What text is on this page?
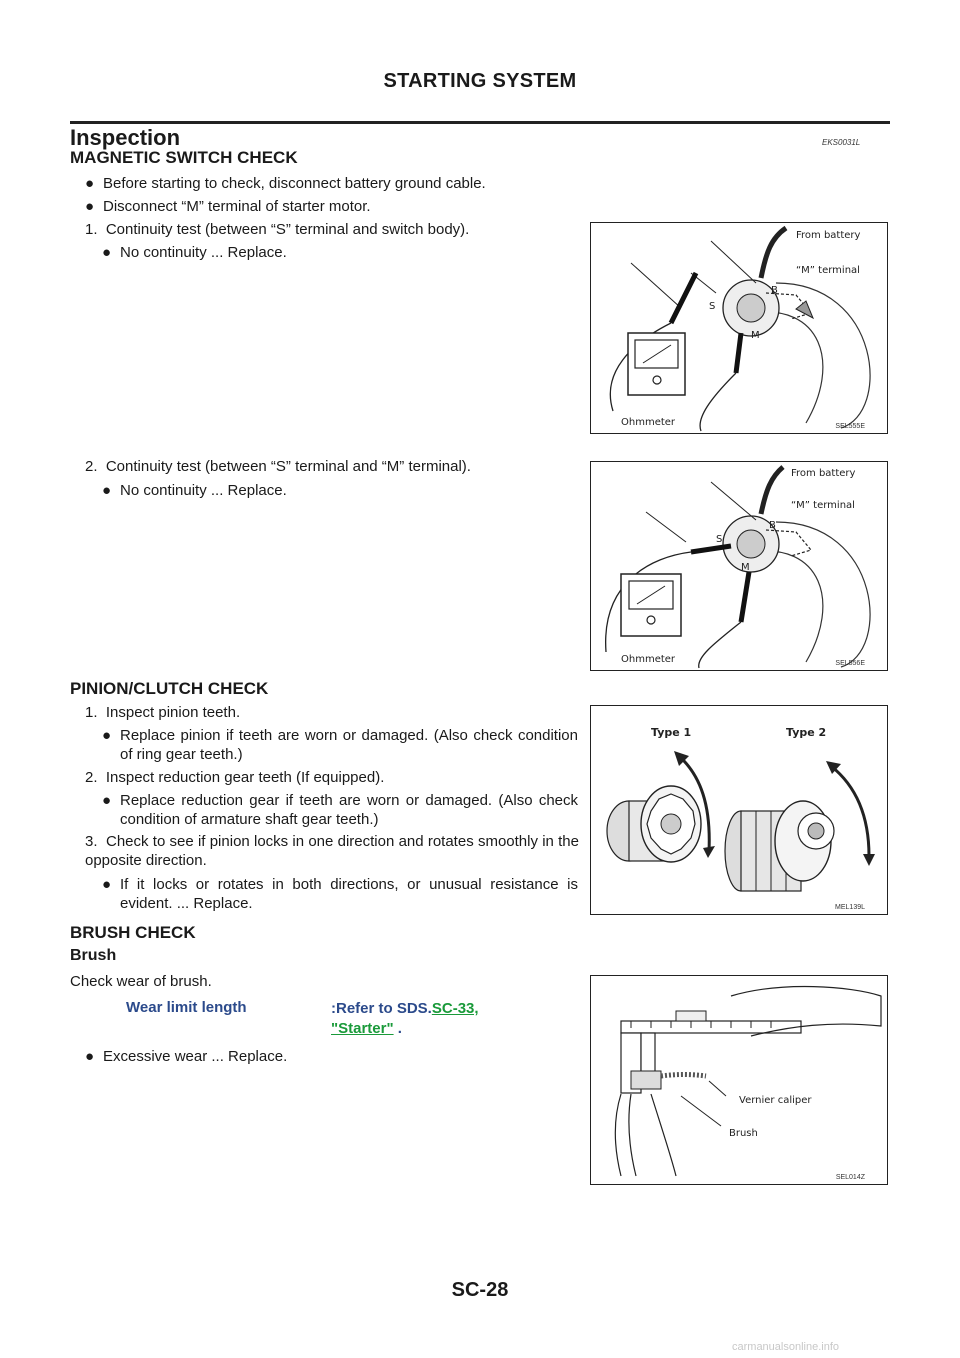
STARTING SYSTEM
Inspection	EKS0031L
MAGNETIC SWITCH CHECK
● Before starting to check, disconnect battery ground cable.
● Disconnect “M” terminal of starter motor.
1.  Continuity test (between “S” terminal and switch body).
● No continuity ... Replace.
2.  Continuity test (between “S” terminal and “M” terminal).
● No continuity ... Replace.
From battery
“M” terminal
S
B
M
Ohmmeter	SEL555E
From battery
“M” terminal
S
B
M
Ohmmeter	SEL556E
PINION/CLUTCH CHECK
1.  Inspect pinion teeth.
● Replace pinion if teeth are worn or damaged. (Also check condition of ring gear teeth.)
2.  Inspect reduction gear teeth (If equipped).
● Replace reduction gear if teeth are worn or damaged. (Also check condition of armature shaft gear teeth.)
3.  Check to see if pinion locks in one direction and rotates smoothly in the opposite direction.
● If it locks or rotates in both directions, or unusual resistance is evident. ... Replace.
Type 1	Type 2
MEL139L
BRUSH CHECK
Brush
Check wear of brush.
Wear limit length	:Refer to SDS.SC-33,
"Starter" .
● Excessive wear ... Replace.
Vernier caliper
Brush
SEL014Z
SC-28
carmanualsonline.info
